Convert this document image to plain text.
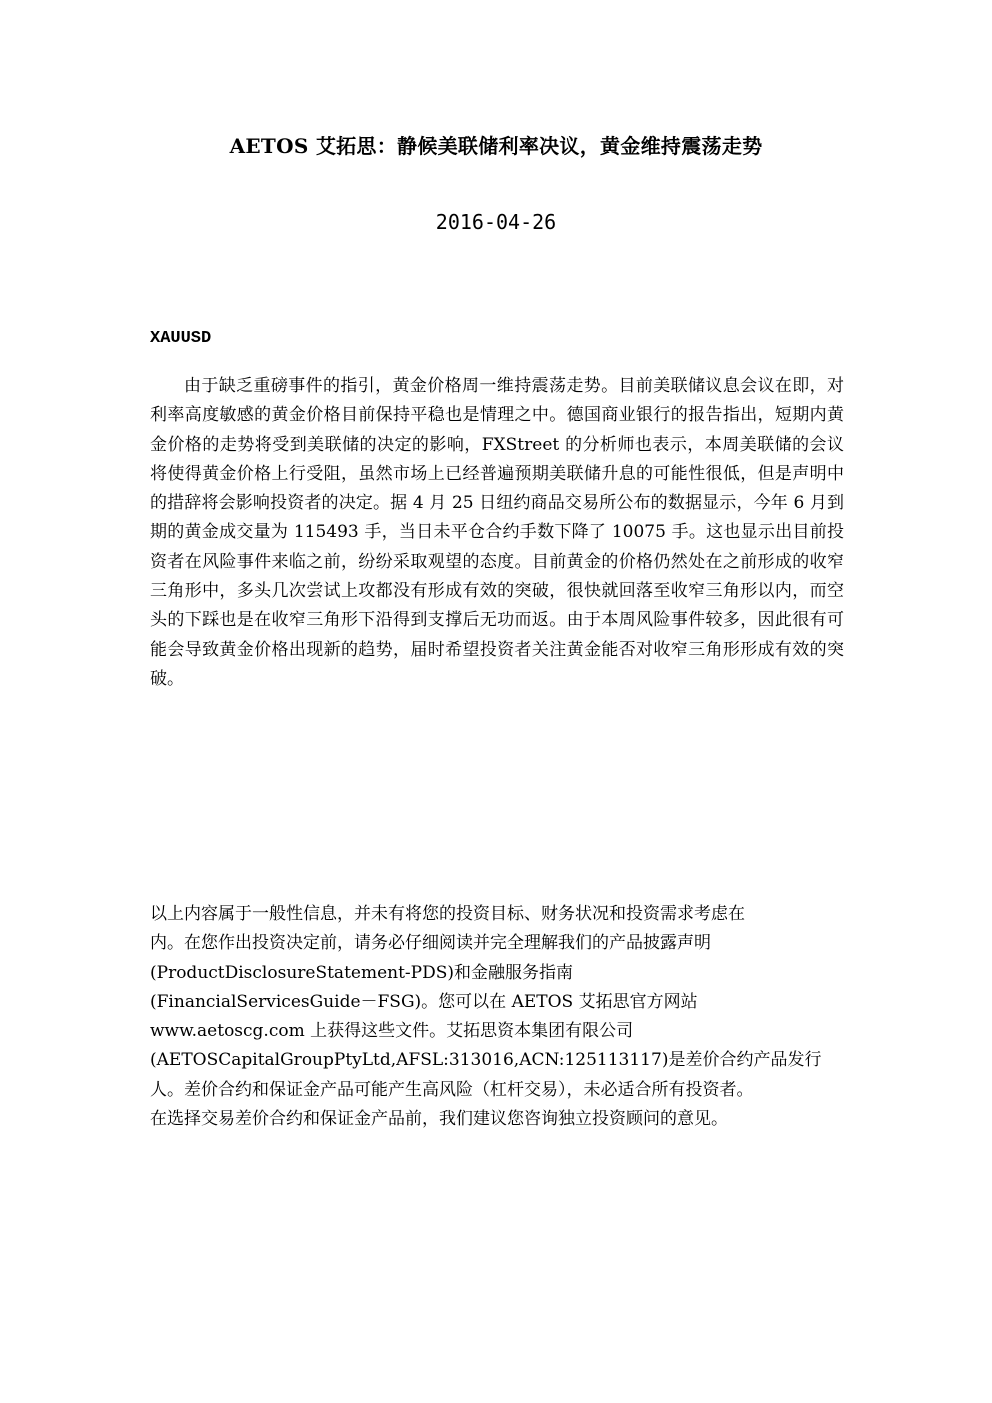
AETOS 艾拓思：静候美联储利率决议，黄金维持震荡走势
2016-04-26
XAUUSD

由于缺乏重磅事件的指引，黄金价格周一维持震荡走势。目前美联储议息会议在即，对利率高度敏感的黄金价格目前保持平稳也是情理之中。德国商业银行的报告指出，短期内黄金价格的走势将受到美联储的决定的影响，FXStreet 的分析师也表示，本周美联储的会议将使得黄金价格上行受阻，虽然市场上已经普遍预期美联储升息的可能性很低，但是声明中的措辞将会影响投资者的决定。据 4 月 25 日纽约商品交易所公布的数据显示，今年 6 月到期的黄金成交量为 115493 手，当日未平仓合约手数下降了 10075 手。这也显示出目前投资者在风险事件来临之前，纷纷采取观望的态度。目前黄金的价格仍然处在之前形成的收窄三角形中，多头几次尝试上攻都没有形成有效的突破，很快就回落至收窄三角形以内，而空头的下踩也是在收窄三角形下沿得到支撑后无功而返。由于本周风险事件较多，因此很有可能会导致黄金价格出现新的趋势，届时希望投资者关注黄金能否对收窄三角形形成有效的突破。

以上内容属于一般性信息，并未有将您的投资目标、财务状况和投资需求考虑在
内。在您作出投资决定前，请务必仔细阅读并完全理解我们的产品披露声明
(ProductDisclosureStatement-PDS)和金融服务指南
(FinancialServicesGuide－FSG)。您可以在 AETOS 艾拓思官方网站
www.aetoscg.com 上获得这些文件。艾拓思资本集团有限公司
(AETOSCapitalGroupPtyLtd,AFSL:313016,ACN:125113117)是差价合约产品发行
人。差价合约和保证金产品可能产生高风险（杠杆交易），未必适合所有投资者。
在选择交易差价合约和保证金产品前，我们建议您咨询独立投资顾问的意见。
